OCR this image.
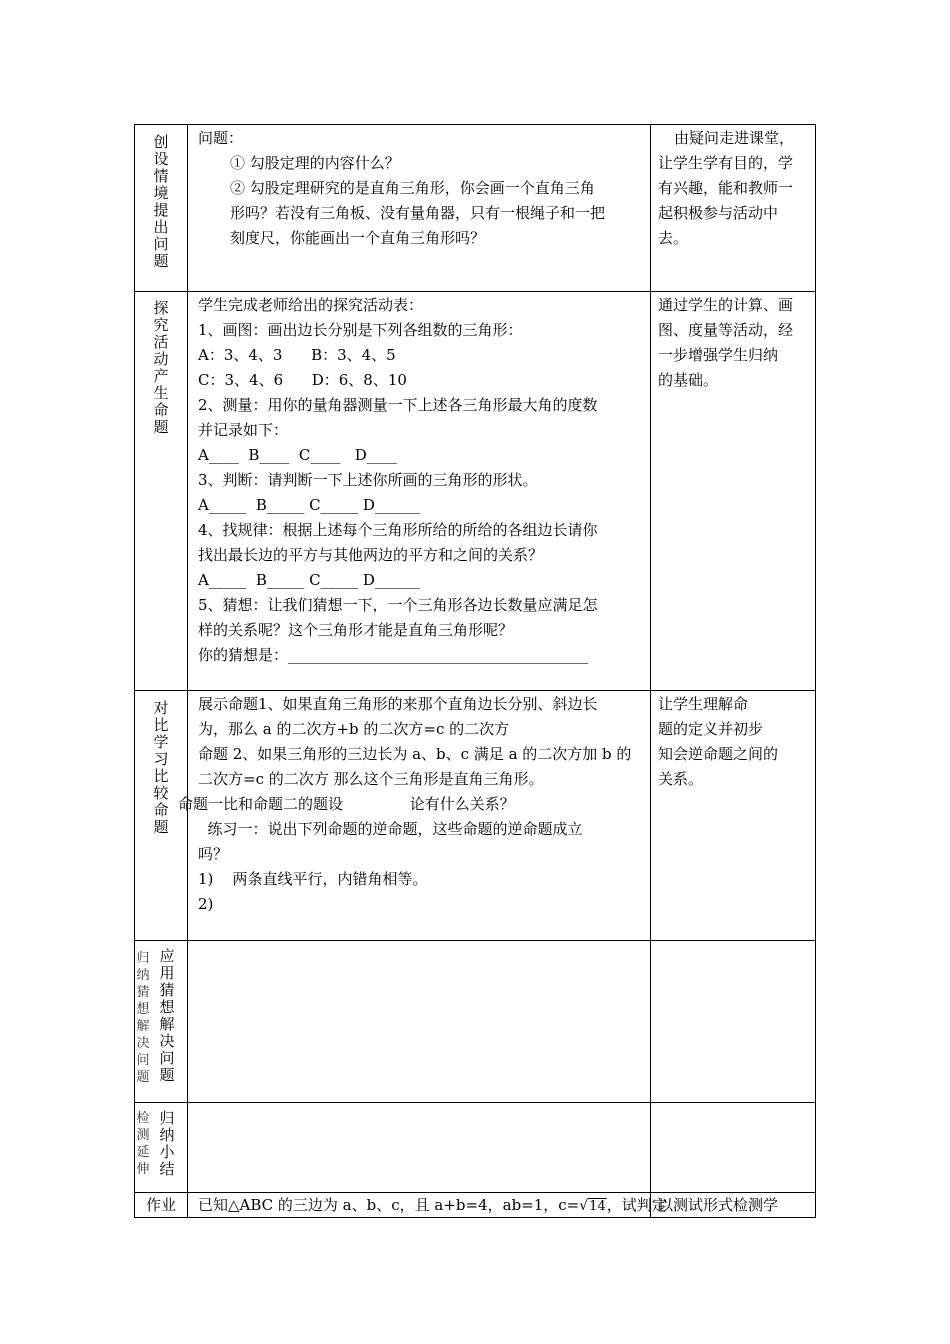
创设情境提出问题
问题：
① 勾股定理的内容什么？
② 勾股定理研究的是直角三角形，你会画一个直角三角
形吗？若没有三角板、没有量角器，只有一根绳子和一把
刻度尺，你能画出一个直角三角形吗？
由疑问走进课堂，
让学生学有目的，学
有兴趣，能和教师一
起积极参与活动中
去。
探究活动产生命题
学生完成老师给出的探究活动表：
1、画图：画出边长分别是下列各组数的三角形：
A：3、4、3      B：3、4、5
C：3、4、6      D：6、8、10
2、测量：用你的量角器测量一下上述各三角形最大角的度数
并记录如下：
A____  B____  C____   D____
3、判断：请判断一下上述你所画的三角形的形状。
A_____  B_____ C_____ D______
4、找规律：根据上述每个三角形所给的所给的各组边长请你
找出最长边的平方与其他两边的平方和之间的关系？
A_____  B_____ C_____ D______
5、猜想：让我们猜想一下，一个三角形各边长数量应满足怎
样的关系呢？这个三角形才能是直角三角形呢？
你的猜想是：________________________________________
通过学生的计算、画
图、度量等活动，经
一步增强学生归纳
的基础。
对比学习比较命题
展示命题1、如果直角三角形的来那个直角边长分别、斜边长
为，那么 a 的二次方+b 的二次方=c 的二次方
命题 2、如果三角形的三边长为 a、b、c 满足 a 的二次方加 b 的
二次方=c 的二次方 那么这个三角形是直角三角形。
命题一比和命题二的题设              论有什么关系？
练习一：说出下列命题的逆命题，这些命题的逆命题成立
吗？
1)    两条直线平行，内错角相等。
2)
让学生理解命
题的定义并初步
知会逆命题之间的
关系。
归纳猜想解决问题
应用猜想解决问题
检测延伸
归纳小结
作业	已知△ABC 的三边为 a、b、c，且 a+b=4，ab=1，c=√14，试判定
以测试形式检测学
